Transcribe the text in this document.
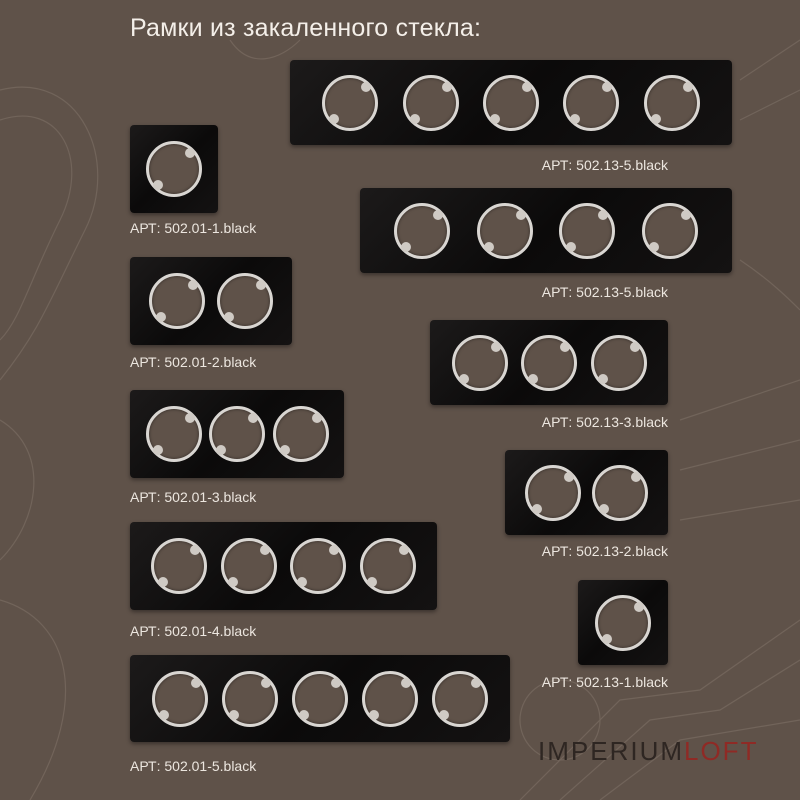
Рамки из закаленного стекла:
АРТ: 502.01-1.black
АРТ: 502.01-2.black
АРТ: 502.01-3.black
АРТ: 502.01-4.black
АРТ: 502.01-5.black
АРТ: 502.13-5.black
АРТ: 502.13-5.black
АРТ: 502.13-3.black
АРТ: 502.13-2.black
АРТ: 502.13-1.black
IMPERIUMLOFT
